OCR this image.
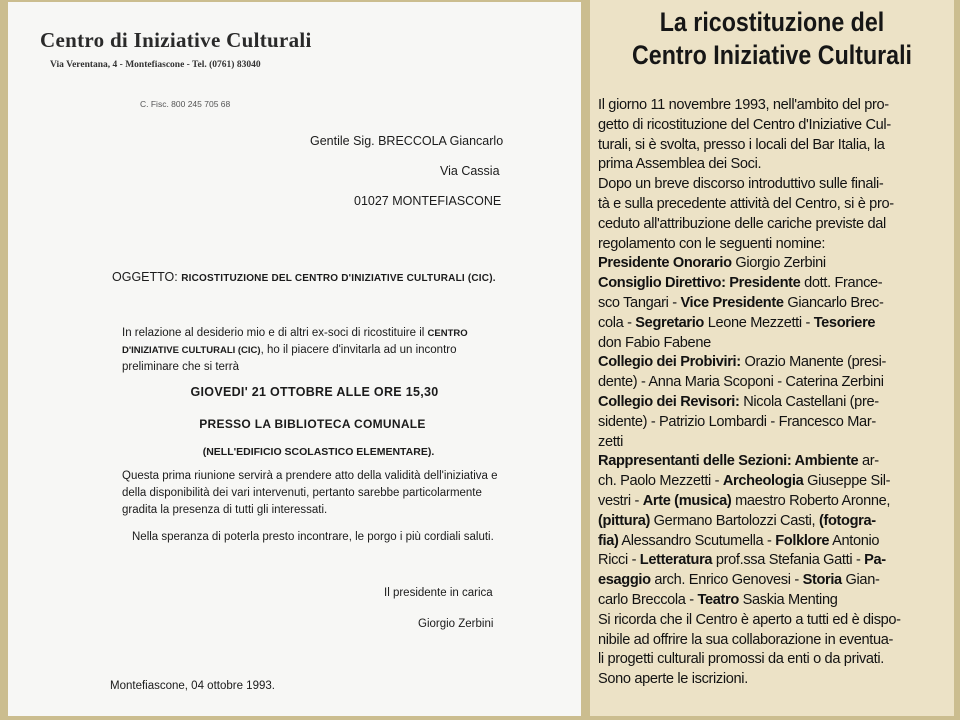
Centro di Iniziative Culturali
Via Verentana, 4 - Montefiascone - Tel. (0761) 83040
C. Fisc. 800 245 705 68
Gentile Sig. BRECCOLA Giancarlo
Via Cassia
01027 MONTEFIASCONE
OGGETTO: RICOSTITUZIONE DEL CENTRO D'INIZIATIVE CULTURALI (CIC).
In relazione al desiderio mio e di altri ex-soci di ricostituire il CENTRO D'INIZIATIVE CULTURALI (CIC), ho il piacere d'invitarla ad un incontro preliminare che si terrà
GIOVEDI' 21 OTTOBRE ALLE ORE 15,30
PRESSO LA BIBLIOTECA COMUNALE
(NELL'EDIFICIO SCOLASTICO ELEMENTARE).
Questa prima riunione servirà a prendere atto della validità dell'iniziativa e della disponibilità dei vari intervenuti, pertanto sarebbe particolarmente gradita la presenza di tutti gli interessati.
Nella speranza di poterla presto incontrare, le porgo i più cordiali saluti.
Il presidente in carica
Giorgio Zerbini
Montefiascone, 04 ottobre 1993.
La ricostituzione del
Centro Iniziative Culturali
Il giorno 11 novembre 1993, nell'ambito del pro-
getto di ricostituzione del Centro d'Iniziative Cul-
turali, si è svolta, presso i locali del Bar Italia, la
prima Assemblea dei Soci.
Dopo un breve discorso introduttivo sulle finali-
tà e sulla precedente attività del Centro, si è pro-
ceduto all'attribuzione delle cariche previste dal
regolamento con le seguenti nomine:
Presidente Onorario Giorgio Zerbini
Consiglio Direttivo: Presidente dott. France-
sco Tangari - Vice Presidente Giancarlo Brec-
cola - Segretario Leone Mezzetti - Tesoriere
don Fabio Fabene
Collegio dei Probiviri: Orazio Manente (presi-
dente) - Anna Maria Scoponi - Caterina Zerbini
Collegio dei Revisori: Nicola Castellani (pre-
sidente) - Patrizio Lombardi - Francesco Mar-
zetti
Rappresentanti delle Sezioni: Ambiente ar-
ch. Paolo Mezzetti - Archeologia Giuseppe Sil-
vestri - Arte (musica) maestro Roberto Aronne,
(pittura) Germano Bartolozzi Casti, (fotogra-
fia) Alessandro Scutumella - Folklore Antonio
Ricci - Letteratura prof.ssa Stefania Gatti - Pa-
esaggio arch. Enrico Genovesi - Storia Gian-
carlo Breccola - Teatro Saskia Menting
Si ricorda che il Centro è aperto a tutti ed è dispo-
nibile ad offrire la sua collaborazione in eventua-
li progetti culturali promossi da enti o da privati.
Sono aperte le iscrizioni.
